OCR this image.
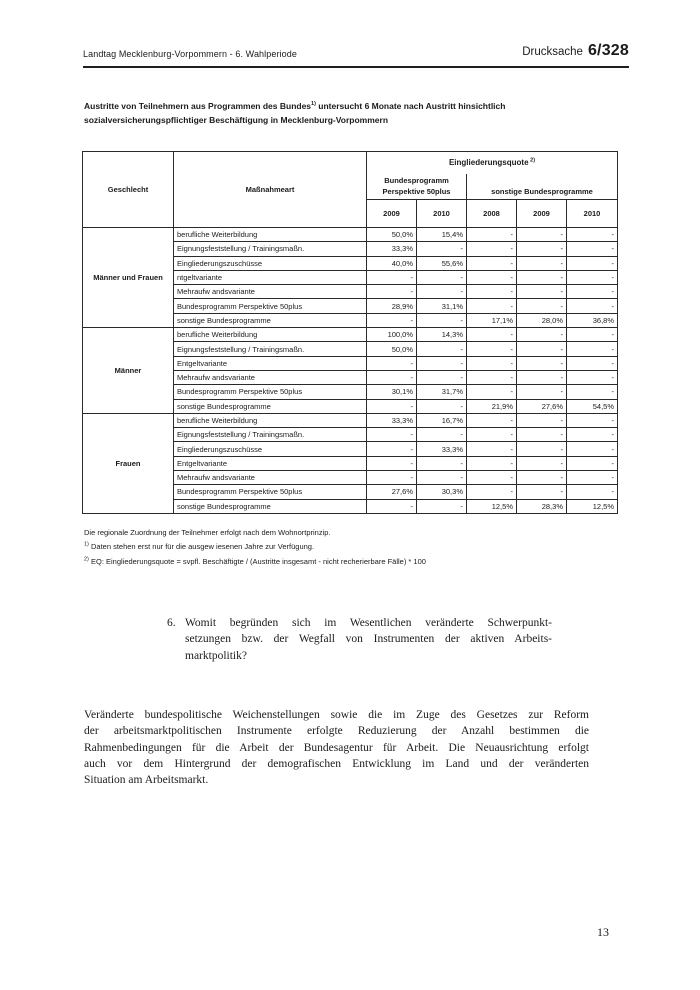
Landtag Mecklenburg-Vorpommern - 6. Wahlperiode	Drucksache 6/328
Austritte von Teilnehmern aus Programmen des Bundes$^{1)}$ untersucht 6 Monate nach Austritt hinsichtlich
sozialversicherungspflichtiger Beschäftigung in Mecklenburg-Vorpommern
Geschlecht	Maßnahmeart	Eingliederungsquote  $^{2)}$
		Bundesprogramm
Perspektive 50plus		sonstige Bundesprogramme		
		2009	2010	2008	2009	2010
Männer und Frauen	berufliche Weiterbildung	50,0%	15,4%	-	-	-
	Eignungsfeststellung / Trainingsmaßn.	33,3%	-	-	-	-
	Eingliederungszuschüsse	40,0%	55,6%	-	-	-
	ntgeltvariante	-	-	-	-	-
	Mehraufw andsvariante	-	-	-	-	-
	Bundesprogramm Perspektive 50plus	28,9%	31,1%	-	-	-
	sonstige Bundesprogramme	-	-	17,1%	28,0%	36,8%
Männer	berufliche Weiterbildung	100,0%	14,3%	-	-	-
	Eignungsfeststellung / Trainingsmaßn.	50,0%	-	-	-	-
	Entgeltvariante	-	-	-	-	-
	Mehraufw andsvariante	-	-	-	-	-
	Bundesprogramm Perspektive 50plus	30,1%	31,7%	-	-	-
	sonstige Bundesprogramme	-	-	21,9%	27,6%	54,5%
Frauen	berufliche Weiterbildung	33,3%	16,7%	-	-	-
	Eignungsfeststellung / Trainingsmaßn.	-	-	-	-	-
	Eingliederungszuschüsse	-	33,3%	-	-	-
	Entgeltvariante	-	-	-	-	-
	Mehraufw andsvariante	-	-	-	-	-
	Bundesprogramm Perspektive 50plus	27,6%	30,3%	-	-	-
	sonstige Bundesprogramme	-	-	12,5%	28,3%	12,5%
Die regionale Zuordnung der Teilnehmer erfolgt nach dem Wohnortprinzip.
$^{1)}$ Daten stehen erst nur für die ausgew iesenen Jahre zur Verfügung.
$^{2)}$ EQ: Eingliederungsquote = svpfl. Beschäftigte / (Austritte insgesamt - nicht recherierbare Fälle) * 100
6. Womit begründen sich im Wesentlichen veränderte Schwerpunkt-
setzungen bzw. der Wegfall von Instrumenten der aktiven Arbeits-
marktpolitik?
Veränderte bundespolitische Weichenstellungen sowie die im Zuge des Gesetzes zur Reform
der arbeitsmarktpolitischen Instrumente erfolgte Reduzierung der Anzahl bestimmen die
Rahmenbedingungen für die Arbeit der Bundesagentur für Arbeit. Die Neuausrichtung erfolgt
auch vor dem Hintergrund der demografischen Entwicklung im Land und der veränderten
Situation am Arbeitsmarkt.
13
